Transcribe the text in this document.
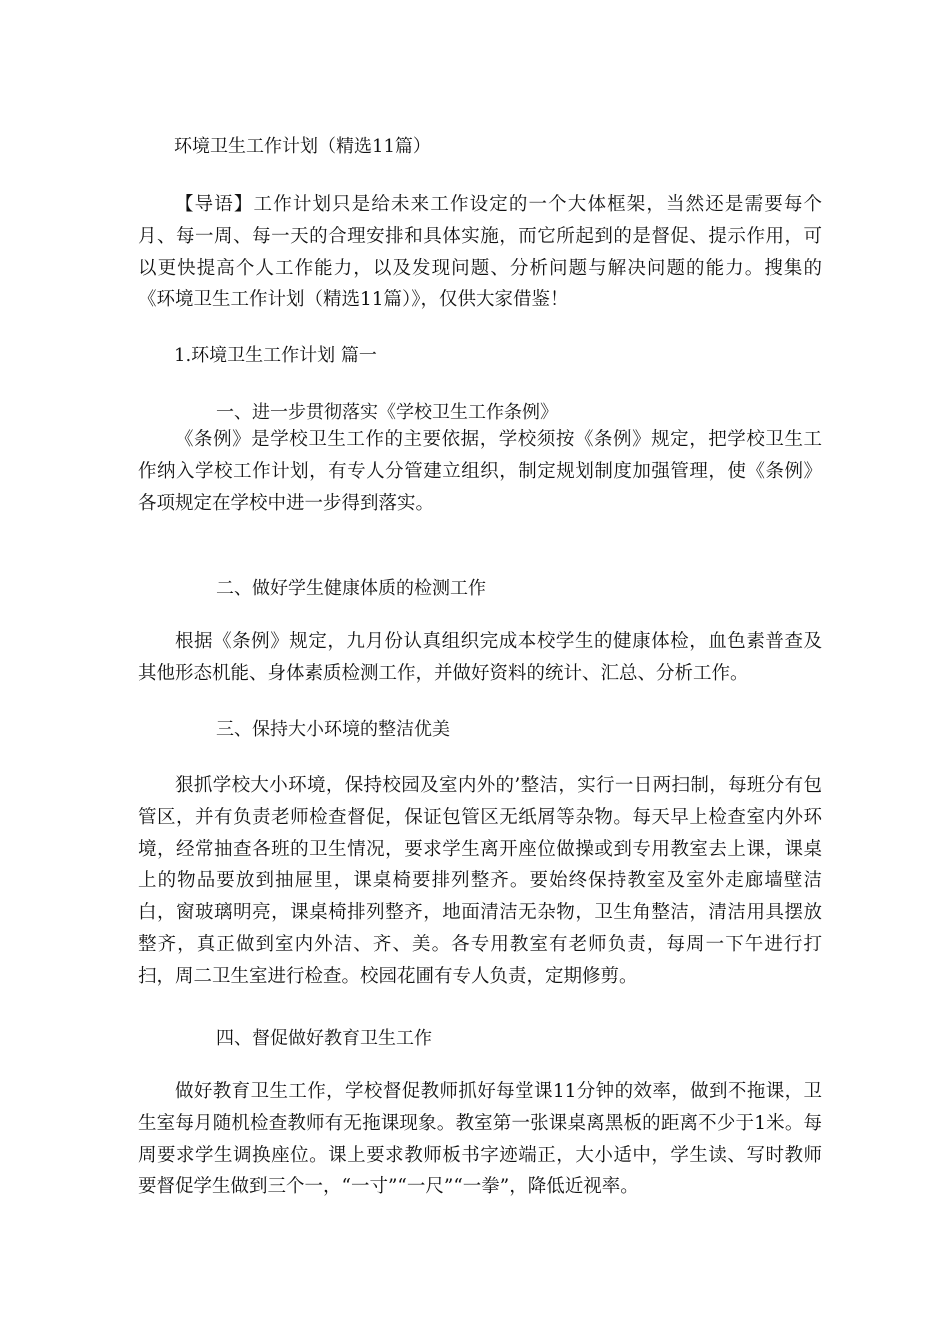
环境卫生工作计划（精选11篇）

【导语】工作计划只是给未来工作设定的一个大体框架，当然还是需要每个月、每一周、每一天的合理安排和具体实施，而它所起到的是督促、提示作用，可以更快提高个人工作能力，以及发现问题、分析问题与解决问题的能力。搜集的《环境卫生工作计划（精选11篇）》，仅供大家借鉴！

1.环境卫生工作计划 篇一
一、进一步贯彻落实《学校卫生工作条例》

《条例》是学校卫生工作的主要依据，学校须按《条例》规定，把学校卫生工作纳入学校工作计划，有专人分管建立组织，制定规划制度加强管理，使《条例》各项规定在学校中进一步得到落实。

二、做好学生健康体质的检测工作

根据《条例》规定，九月份认真组织完成本校学生的健康体检，血色素普查及其他形态机能、身体素质检测工作，并做好资料的统计、汇总、分析工作。

三、保持大小环境的整洁优美

狠抓学校大小环境，保持校园及室内外的’整洁，实行一日两扫制，每班分有包管区，并有负责老师检查督促，保证包管区无纸屑等杂物。每天早上检查室内外环境，经常抽查各班的卫生情况，要求学生离开座位做操或到专用教室去上课，课桌上的物品要放到抽屉里，课桌椅要排列整齐。要始终保持教室及室外走廊墙壁洁白，窗玻璃明亮，课桌椅排列整齐，地面清洁无杂物，卫生角整洁，清洁用具摆放整齐，真正做到室内外洁、齐、美。各专用教室有老师负责，每周一下午进行打扫，周二卫生室进行检查。校园花圃有专人负责，定期修剪。

四、督促做好教育卫生工作

做好教育卫生工作，学校督促教师抓好每堂课11分钟的效率，做到不拖课，卫生室每月随机检查教师有无拖课现象。教室第一张课桌离黑板的距离不少于1米。每周要求学生调换座位。课上要求教师板书字迹端正，大小适中，学生读、写时教师要督促学生做到三个一，“一寸”“一尺”“一拳”，降低近视率。
